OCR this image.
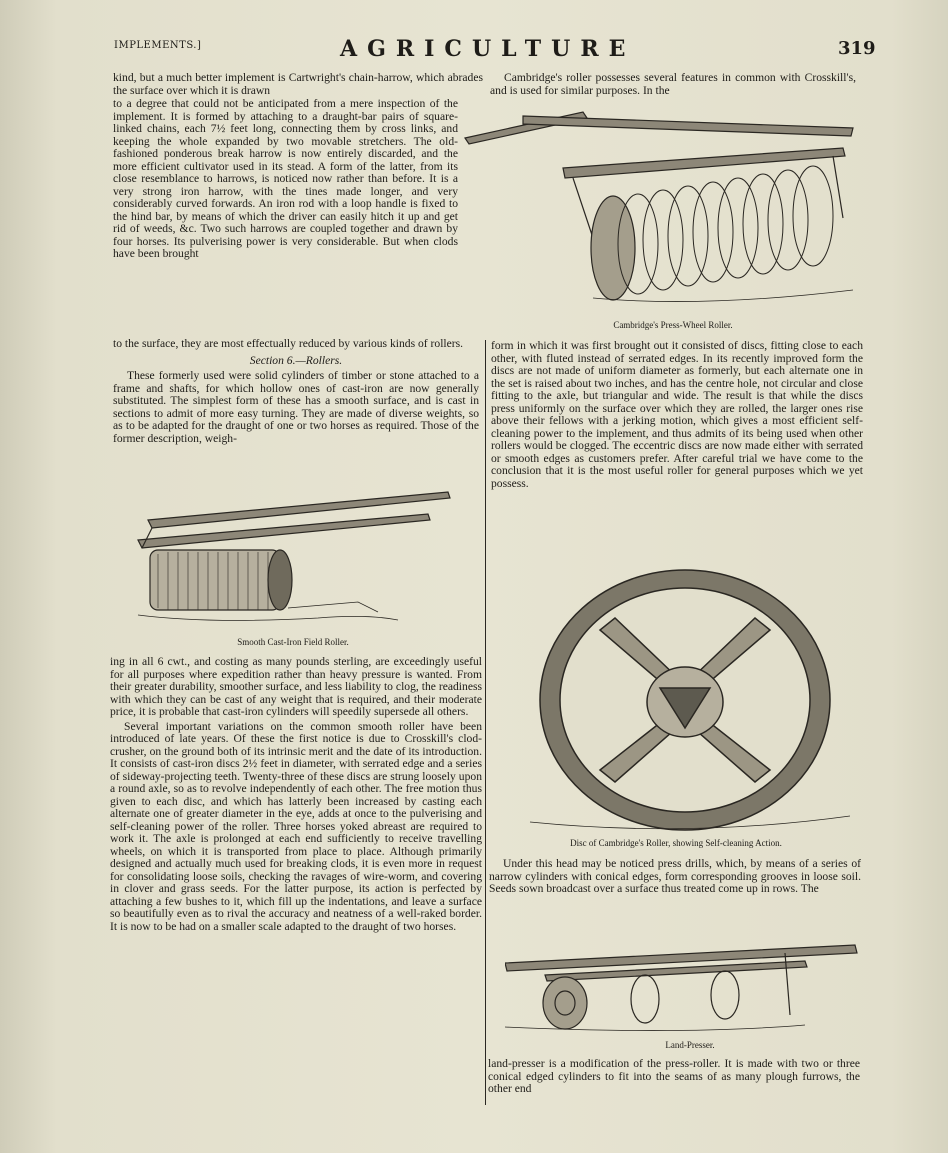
IMPLEMENTS.]	AGRICULTURE	319

kind, but a much better implement is Cartwright's chain-harrow, which abrades the surface over which it is drawn

to a degree that could not be anticipated from a mere inspection of the implement. It is formed by attaching to a draught-bar pairs of square-linked chains, each 7½ feet long, connecting them by cross links, and keeping the whole expanded by two movable stretchers. The old-fashioned ponderous break harrow is now entirely discarded, and the more efficient cultivator used in its stead. A form of the latter, from its close resemblance to harrows, is noticed now rather than before. It is a very strong iron harrow, with the tines made longer, and very considerably curved forwards. An iron rod with a loop handle is fixed to the hind bar, by means of which the driver can easily hitch it up and get rid of weeds, &c. Two such harrows are coupled together and drawn by four horses. Its pulverising power is very considerable. But when clods have been brought

to the surface, they are most effectually reduced by various kinds of rollers.

Section 6.—Rollers.

These formerly used were solid cylinders of timber or stone attached to a frame and shafts, for which hollow ones of cast-iron are now generally substituted. The simplest form of these has a smooth surface, and is cast in sections to admit of more easy turning. They are made of diverse weights, so as to be adapted for the draught of one or two horses as required. Those of the former description, weigh-

Smooth Cast-Iron Field Roller.

ing in all 6 cwt., and costing as many pounds sterling, are exceedingly useful for all purposes where expedition rather than heavy pressure is wanted. From their greater durability, smoother surface, and less liability to clog, the readiness with which they can be cast of any weight that is required, and their moderate price, it is probable that cast-iron cylinders will speedily supersede all others.

Several important variations on the common smooth roller have been introduced of late years. Of these the first notice is due to Crosskill's clod-crusher, on the ground both of its intrinsic merit and the date of its introduction. It consists of cast-iron discs 2½ feet in diameter, with serrated edge and a series of sideway-projecting teeth. Twenty-three of these discs are strung loosely upon a round axle, so as to revolve independently of each other. The free motion thus given to each disc, and which has latterly been increased by casting each alternate one of greater diameter in the eye, adds at once to the pulverising and self-cleaning power of the roller. Three horses yoked abreast are required to work it. The axle is prolonged at each end sufficiently to receive travelling wheels, on which it is transported from place to place. Although primarily designed and actually much used for breaking clods, it is even more in request for consolidating loose soils, checking the ravages of wire-worm, and covering in clover and grass seeds. For the latter purpose, its action is perfected by attaching a few bushes to it, which fill up the indentations, and leave a surface so beautifully even as to rival the accuracy and neatness of a well-raked border. It is now to be had on a smaller scale adapted to the draught of two horses.

Cambridge's roller possesses several features in common with Crosskill's, and is used for similar purposes. In the

Cambridge's Press-Wheel Roller.

form in which it was first brought out it consisted of discs, fitting close to each other, with fluted instead of serrated edges. In its recently improved form the discs are not made of uniform diameter as formerly, but each alternate one in the set is raised about two inches, and has the centre hole, not circular and close fitting to the axle, but triangular and wide. The result is that while the discs press uniformly on the surface over which they are rolled, the larger ones rise above their fellows with a jerking motion, which gives a most efficient self-cleaning power to the implement, and thus admits of its being used when other rollers would be clogged. The eccentric discs are now made either with serrated or smooth edges as customers prefer. After careful trial we have come to the conclusion that it is the most useful roller for general purposes which we yet possess.

Disc of Cambridge's Roller, showing Self-cleaning Action.

Under this head may be noticed press drills, which, by means of a series of narrow cylinders with conical edges, form corresponding grooves in loose soil. Seeds sown broadcast over a surface thus treated come up in rows. The

Land-Presser.

land-presser is a modification of the press-roller. It is made with two or three conical edged cylinders to fit into the seams of as many plough furrows, the other end
